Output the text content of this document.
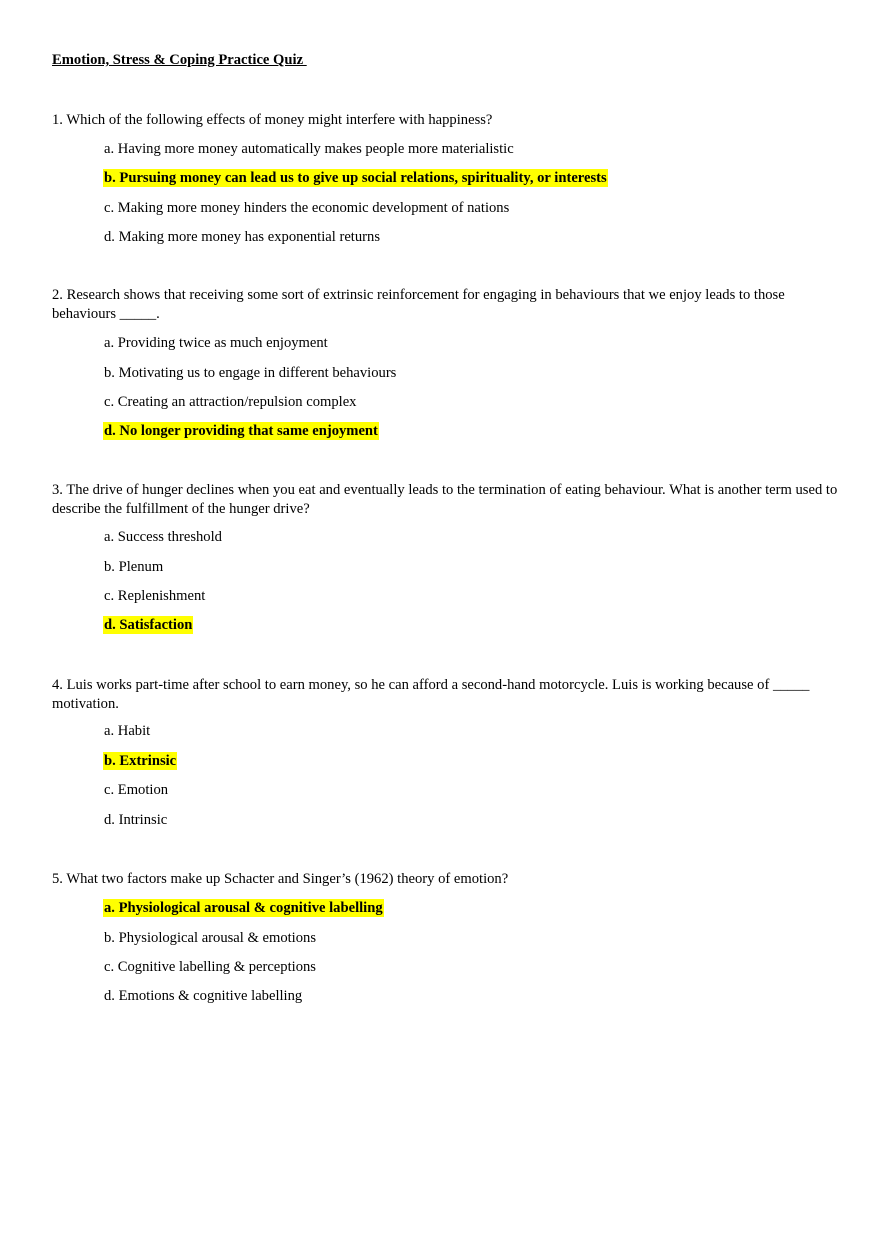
Emotion, Stress & Coping Practice Quiz
1. Which of the following effects of money might interfere with happiness?
a. Having more money automatically makes people more materialistic
b. Pursuing money can lead us to give up social relations, spirituality, or interests
c. Making more money hinders the economic development of nations
d. Making more money has exponential returns
2. Research shows that receiving some sort of extrinsic reinforcement for engaging in behaviours that we enjoy leads to those behaviours _____.
a. Providing twice as much enjoyment
b. Motivating us to engage in different behaviours
c. Creating an attraction/repulsion complex
d. No longer providing that same enjoyment
3. The drive of hunger declines when you eat and eventually leads to the termination of eating behaviour. What is another term used to describe the fulfillment of the hunger drive?
a. Success threshold
b. Plenum
c. Replenishment
d. Satisfaction
4. Luis works part-time after school to earn money, so he can afford a second-hand motorcycle. Luis is working because of _____ motivation.
a. Habit
b. Extrinsic
c. Emotion
d. Intrinsic
5. What two factors make up Schacter and Singer’s (1962) theory of emotion?
a. Physiological arousal & cognitive labelling
b. Physiological arousal & emotions
c. Cognitive labelling & perceptions
d. Emotions & cognitive labelling
